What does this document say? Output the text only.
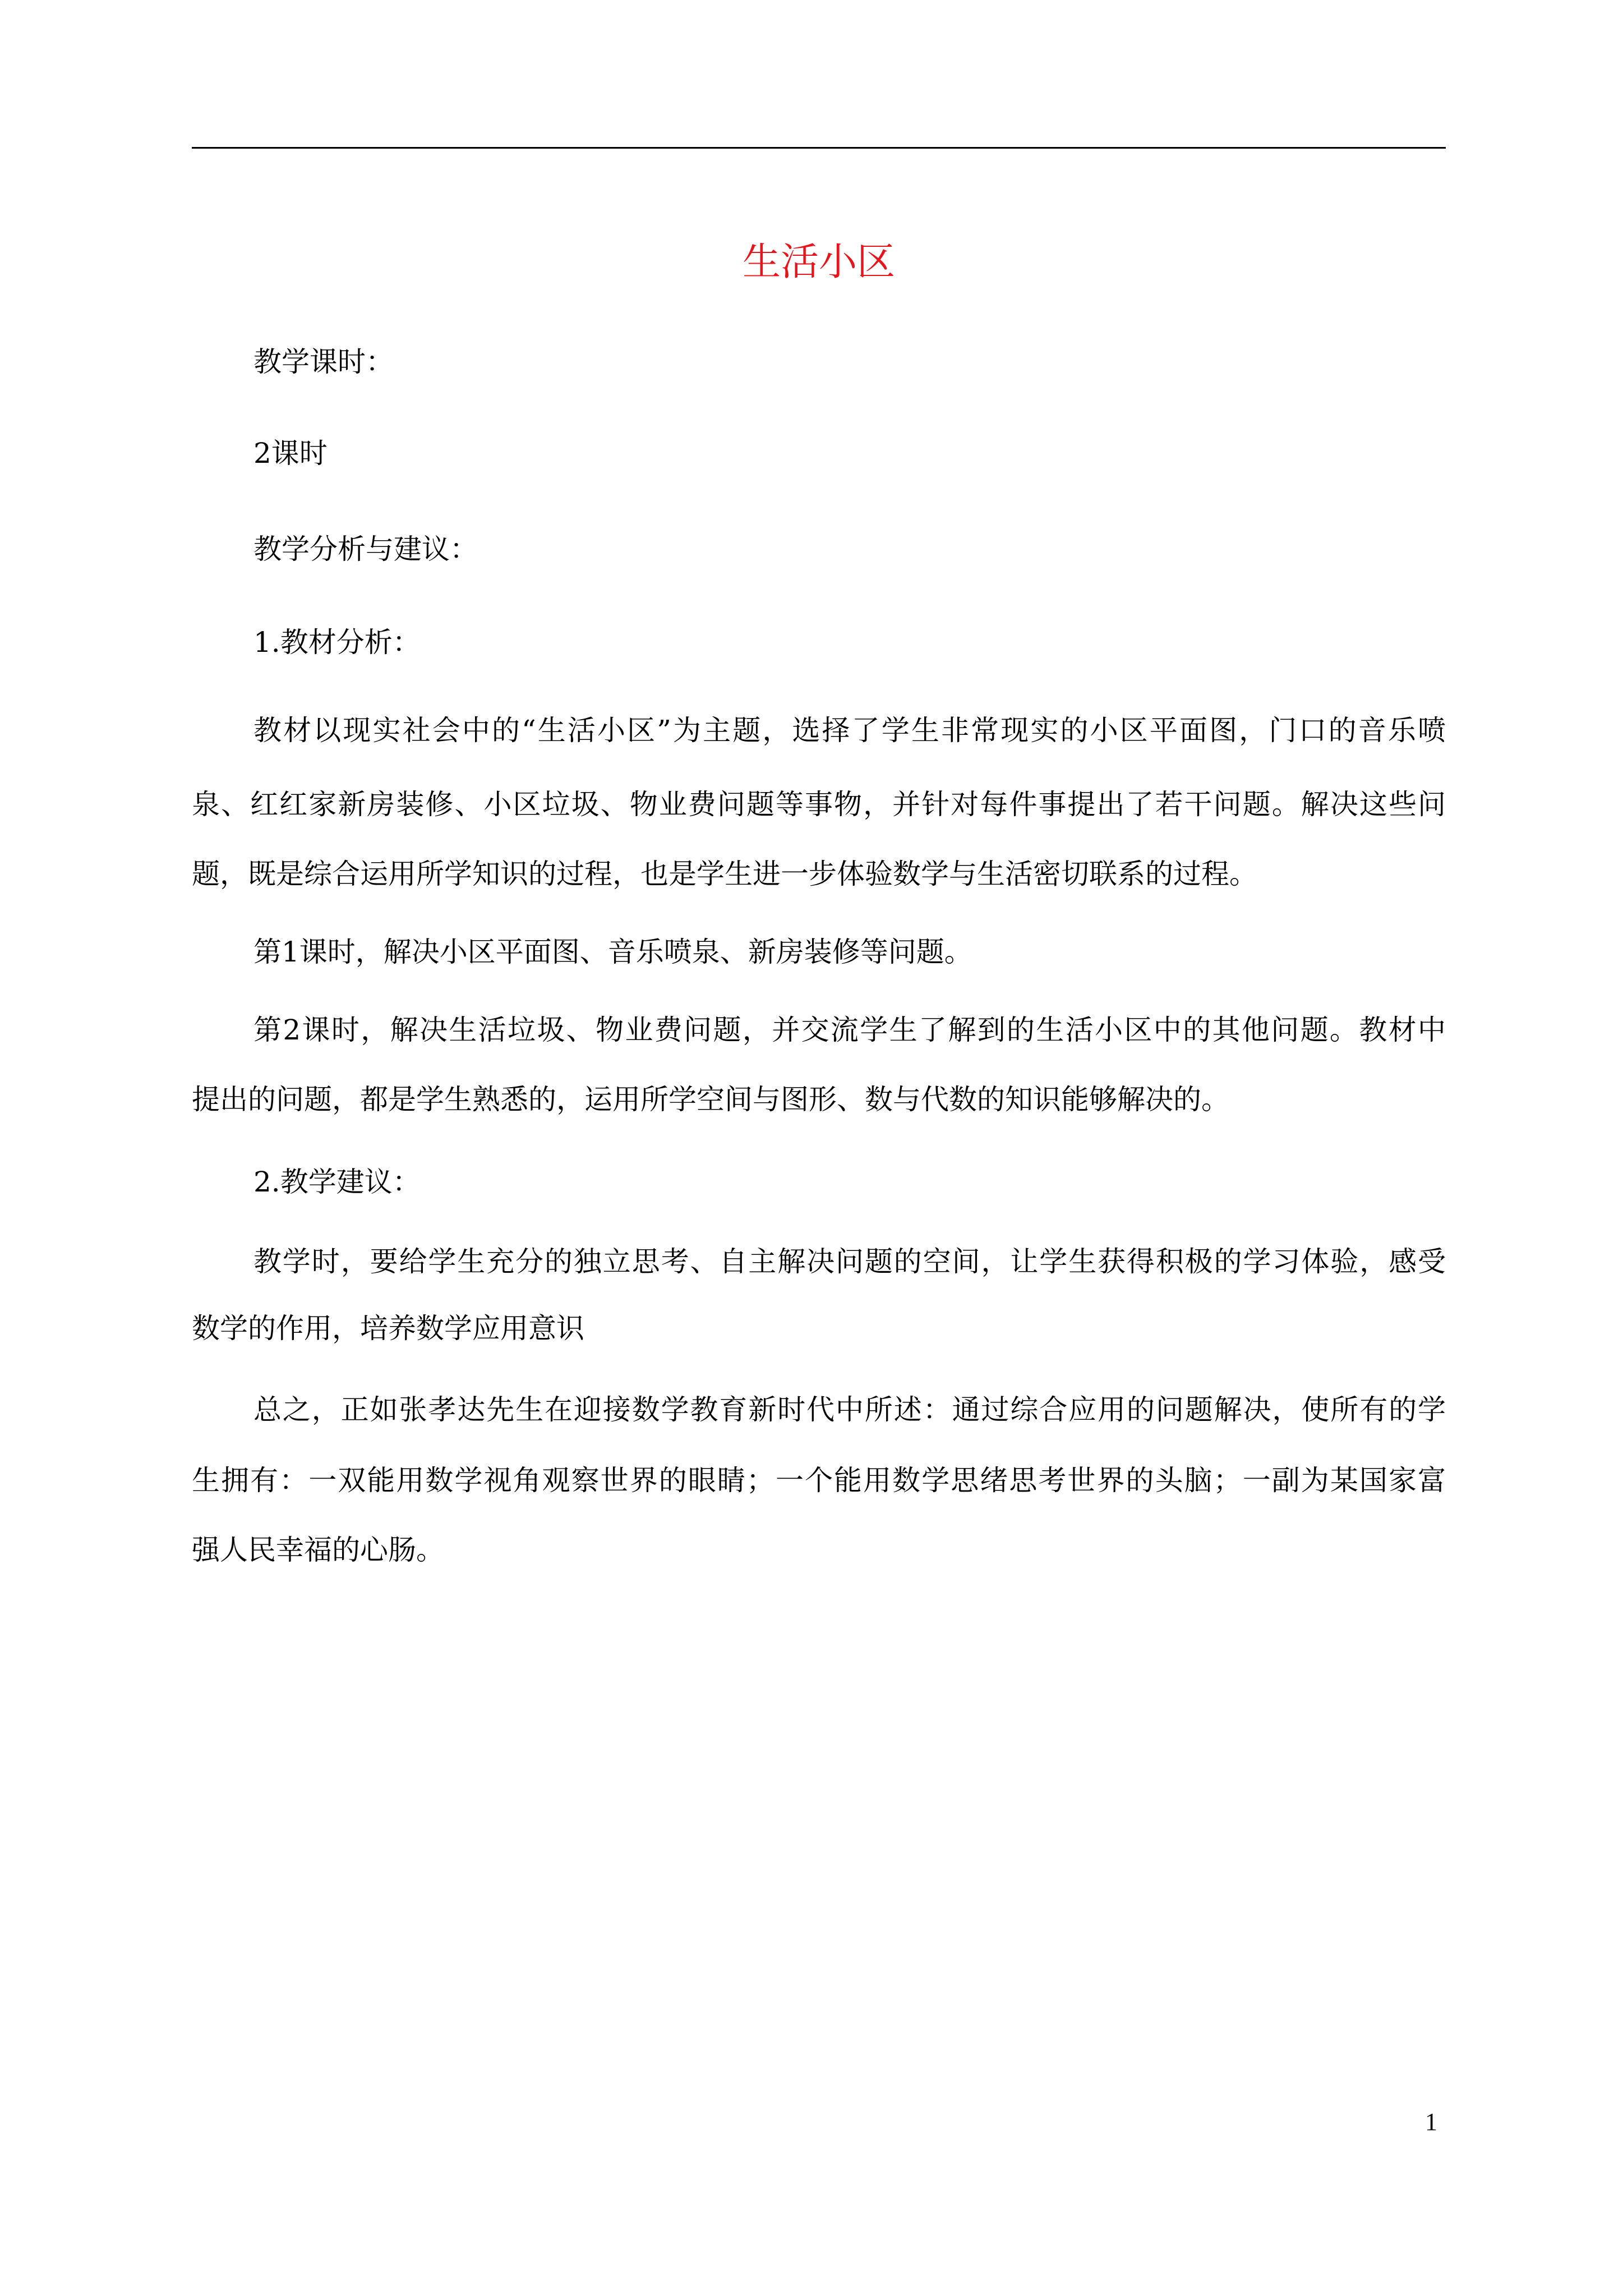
生活小区
教学课时：
2课时
教学分析与建议：
1.教材分析：
教材以现实社会中的“生活小区”为主题，选择了学生非常现实的小区平面图，门口的音乐喷
泉、红红家新房装修、小区垃圾、物业费问题等事物，并针对每件事提出了若干问题。解决这些问
题，既是综合运用所学知识的过程，也是学生进一步体验数学与生活密切联系的过程。
第1课时，解决小区平面图、音乐喷泉、新房装修等问题。
第2课时，解决生活垃圾、物业费问题，并交流学生了解到的生活小区中的其他问题。教材中
提出的问题，都是学生熟悉的，运用所学空间与图形、数与代数的知识能够解决的。
2.教学建议：
教学时，要给学生充分的独立思考、自主解决问题的空间，让学生获得积极的学习体验，感受
数学的作用，培养数学应用意识
总之，正如张孝达先生在迎接数学教育新时代中所述：通过综合应用的问题解决，使所有的学
生拥有：一双能用数学视角观察世界的眼睛；一个能用数学思绪思考世界的头脑；一副为某国家富
强人民幸福的心肠。
1
